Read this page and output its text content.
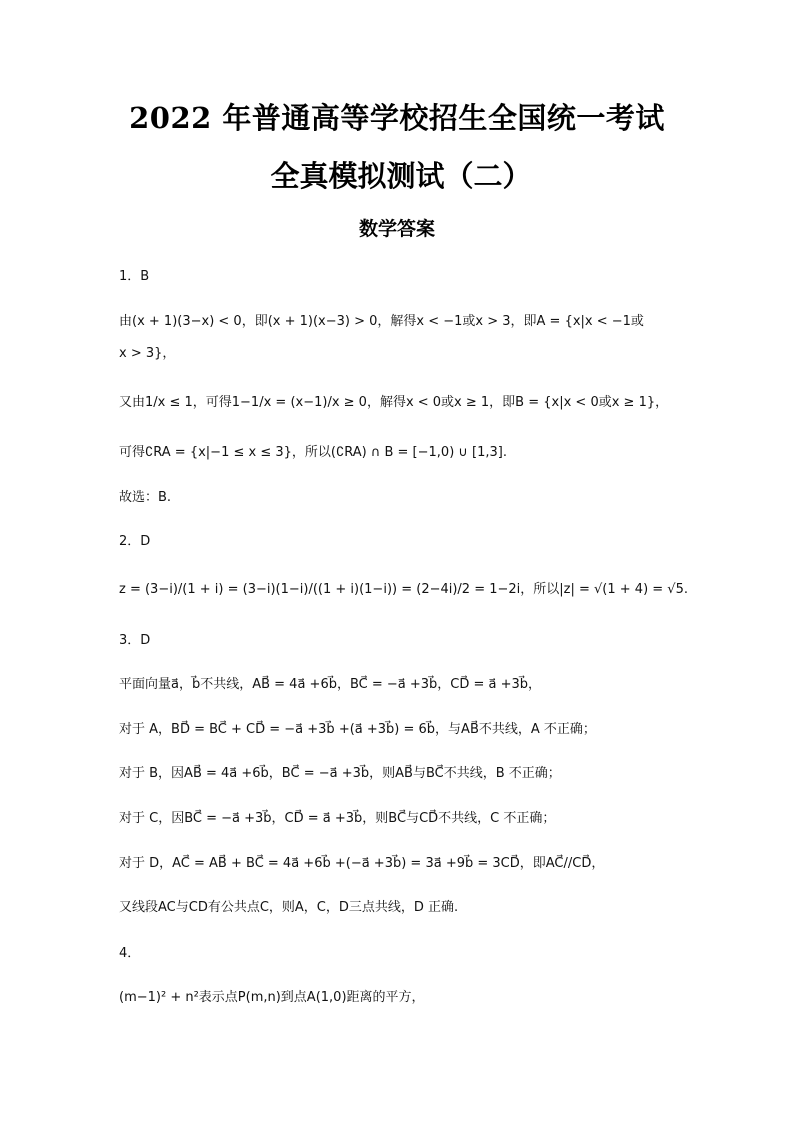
2022 年普通高等学校招生全国统一考试
全真模拟测试（二）
数学答案
1．B
由(x + 1)(3−x) < 0，即(x + 1)(x−3) > 0，解得x < −1或x > 3，即A = {x|x < −1或
x > 3}，
又由1/x ≤ 1，可得1−1/x = (x−1)/x ≥ 0，解得x < 0或x ≥ 1，即B = {x|x < 0或x ≥ 1}，
可得∁RA = {x|−1 ≤ x ≤ 3}，所以(∁RA) ∩ B = [−1,0) ∪ [1,3].
故选：B.
2．D
z = (3−i)/(1 + i) = (3−i)(1−i)/((1 + i)(1−i)) = (2−4i)/2 = 1−2i，所以|z| = √(1 + 4) = √5.
3．D
平面向量a⃗，b⃗不共线，AB⃗ = 4a⃗ +6b⃗，BC⃗ = −a⃗ +3b⃗，CD⃗ = a⃗ +3b⃗，
对于 A，BD⃗ = BC⃗ + CD⃗ = −a⃗ +3b⃗ +(a⃗ +3b⃗) = 6b⃗，与AB⃗不共线，A 不正确；
对于 B，因AB⃗ = 4a⃗ +6b⃗，BC⃗ = −a⃗ +3b⃗，则AB⃗与BC⃗不共线，B 不正确；
对于 C，因BC⃗ = −a⃗ +3b⃗，CD⃗ = a⃗ +3b⃗，则BC⃗与CD⃗不共线，C 不正确；
对于 D，AC⃗ = AB⃗ + BC⃗ = 4a⃗ +6b⃗ +(−a⃗ +3b⃗) = 3a⃗ +9b⃗ = 3CD⃗，即AC⃗//CD⃗，
又线段AC与CD有公共点C，则A，C，D三点共线，D 正确.
4．
(m−1)² + n²表示点P(m,n)到点A(1,0)距离的平方，
